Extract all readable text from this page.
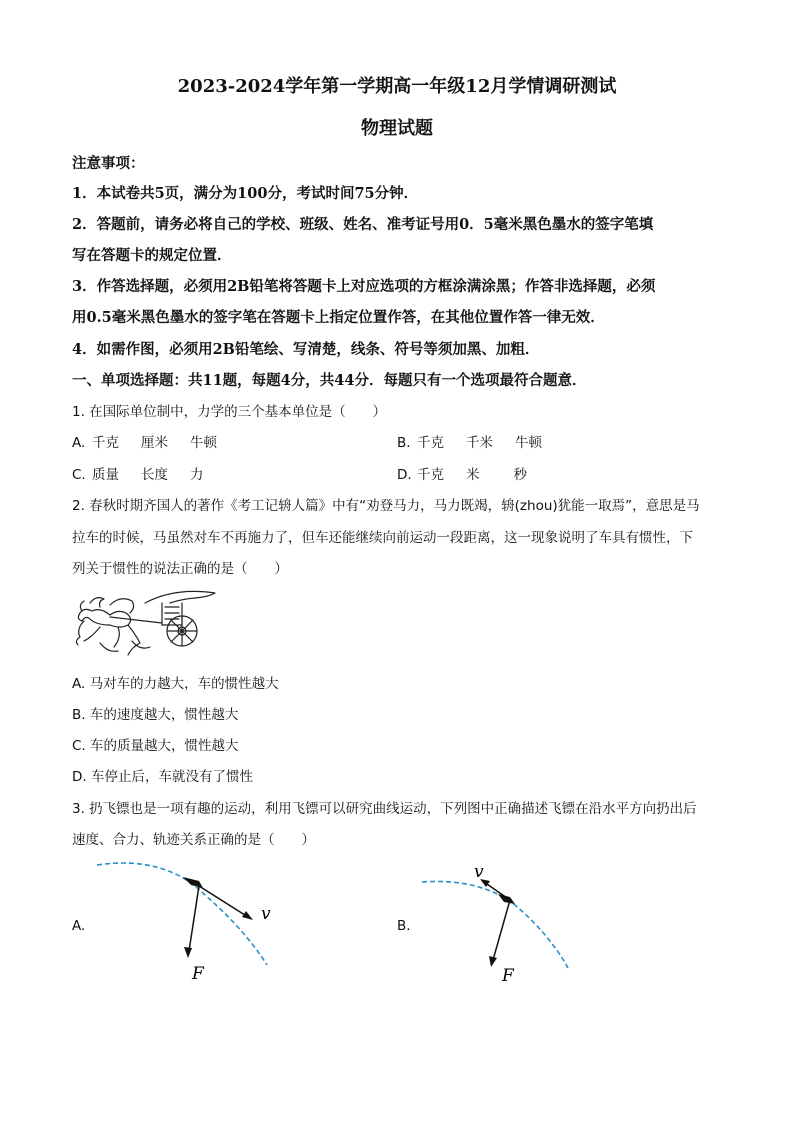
2023-2024学年第一学期高一年级12月学情调研测试
物理试题
注意事项：
1．本试卷共5页，满分为100分，考试时间75分钟．
2．答题前，请务必将自己的学校、班级、姓名、准考证号用0．5毫米黑色墨水的签字笔填
写在答题卡的规定位置．
3．作答选择题，必须用2B铅笔将答题卡上对应选项的方框涂满涂黑；作答非选择题，必须
用0.5毫米黑色墨水的签字笔在答题卡上指定位置作答，在其他位置作答一律无效．
4．如需作图，必须用2B铅笔绘、写清楚，线条、符号等须加黑、加粗．
一、单项选择题：共11题，每题4分，共44分．每题只有一个选项最符合题意．
1. 在国际单位制中，力学的三个基本单位是（　　）
A. 千克 厘米 牛顿	B. 千克 千米 牛顿
C. 质量 长度 力	D. 千克 米	秒
2. 春秋时期齐国人的著作《考工记辀人篇》中有“劝登马力，马力既竭，辀(zhou)犹能一取焉”，意思是马
拉车的时候，马虽然对车不再施力了，但车还能继续向前运动一段距离，这一现象说明了车具有惯性，下
列关于惯性的说法正确的是（　　）
A. 马对车的力越大，车的惯性越大
B. 车的速度越大，惯性越大
C. 车的质量越大，惯性越大
D. 车停止后，车就没有了惯性
3. 扔飞镖也是一项有趣的运动，利用飞镖可以研究曲线运动，下列图中正确描述飞镖在沿水平方向扔出后
速度、合力、轨迹关系正确的是（　　）
A.
v
F
B.
v
F
